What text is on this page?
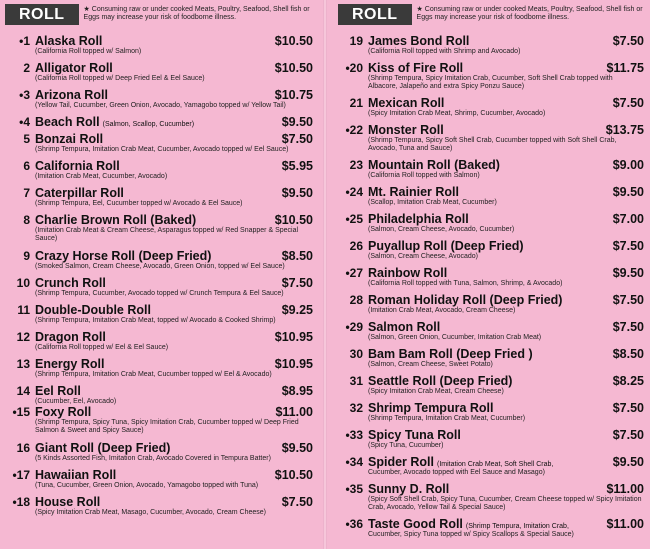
ROLL	★ Consuming raw or under cooked Meats, Poultry, Seafood, Shell fish or Eggs may increase your risk of foodborne illness.
•1 Alaska Roll	$10.50
(California Roll topped w/ Salmon)
2 Alligator Roll	$10.50
(California Roll topped w/ Deep Fried Eel & Eel Sauce)
•3 Arizona Roll	$10.75
(Yellow Tail, Cucumber, Green Onion, Avocado, Yamagobo topped w/ Yellow Tail)
•4 Beach Roll (Salmon, Scallop, Cucumber)	$9.50
5 Bonzai Roll	$7.50
(Shrimp Tempura, Imitation Crab Meat, Cucumber, Avocado topped w/ Eel Sauce)
6 California Roll	$5.95
(Imitation Crab Meat, Cucumber, Avocado)
7 Caterpillar Roll	$9.50
(Shrimp Tempura, Eel, Cucumber topped w/ Avocado & Eel Sauce)
8 Charlie Brown Roll (Baked)	$10.50
(Imitation Crab Meat & Cream Cheese, Asparagus topped w/ Red Snapper & Special Sauce)
9 Crazy Horse Roll (Deep Fried)	$8.50
(Smoked Salmon, Cream Cheese, Avocado, Green Onion, topped w/ Eel Sauce)
10 Crunch Roll	$7.50
(Shrimp Tempura, Cucumber, Avocado topped w/ Crunch Tempura & Eel Sauce)
11 Double-Double Roll	$9.25
(Shrimp Tempura, Imitation Crab Meat, topped w/ Avocado & Cooked Shrimp)
12 Dragon Roll	$10.95
(California Roll topped w/ Eel & Eel Sauce)
13 Energy Roll	$10.95
(Shrimp Tempura, Imitation Crab Meat, Cucumber topped w/ Eel & Avocado)
14 Eel Roll	$8.95
(Cucumber, Eel, Avocado)
•15 Foxy Roll	$11.00
(Shrimp Tempura, Spicy Tuna, Spicy Imitation Crab, Cucumber topped w/ Deep Fried Salmon & Sweet and Spicy Sauce)
16 Giant Roll (Deep Fried)	$9.50
(5 Kinds Assorted Fish, Imitation Crab, Avocado Covered in Tempura Batter)
•17 Hawaiian Roll	$10.50
(Tuna, Cucumber, Green Onion, Avocado, Yamagobo topped with Tuna)
•18 House Roll	$7.50
(Spicy Imitation Crab Meat, Masago, Cucumber, Avocado, Cream Cheese)
ROLL	★ Consuming raw or under cooked Meats, Poultry, Seafood, Shell fish or Eggs may increase your risk of foodborne illness.
19 James Bond Roll	$7.50
(California Roll topped with Shrimp and Avocado)
•20 Kiss of Fire Roll	$11.75
(Shrimp Tempura, Spicy Imitation Crab, Cucumber, Soft Shell Crab topped with Albacore, Jalapeño and extra Spicy Ponzu Sauce)
21 Mexican Roll	$7.50
(Spicy Imitation Crab Meat, Shrimp, Cucumber, Avocado)
•22 Monster Roll	$13.75
(Shrimp Tempura, Spicy Soft Shell Crab, Cucumber topped with Soft Shell Crab, Avocado, Tuna and Sauce)
23 Mountain Roll (Baked)	$9.00
(California Roll topped with Salmon)
•24 Mt. Rainier Roll	$9.50
(Scallop, Imitation Crab Meat, Cucumber)
•25 Philadelphia Roll	$7.00
(Salmon, Cream Cheese, Avocado, Cucumber)
26 Puyallup Roll (Deep Fried)	$7.50
(Salmon, Cream Cheese, Avocado)
•27 Rainbow Roll	$9.50
(California Roll topped with Tuna, Salmon, Shrimp, & Avocado)
28 Roman Holiday Roll (Deep Fried)	$7.50
(Imitation Crab Meat, Avocado, Cream Cheese)
•29 Salmon Roll	$7.50
(Salmon, Green Onion, Cucumber, Imitation Crab Meat)
30 Bam Bam Roll (Deep Fried )	$8.50
(Salmon, Cream Cheese, Sweet Potato)
31 Seattle Roll (Deep Fried)	$8.25
(Spicy Imitation Crab Meat, Cream Cheese)
32 Shrimp Tempura Roll	$7.50
(Shrimp Tempura, Imitation Crab Meat, Cucumber)
•33 Spicy Tuna Roll	$7.50
(Spicy Tuna, Cucumber)
•34 Spider Roll (Imitation Crab Meat, Soft Shell Crab,	$9.50
Cucumber, Avocado topped with Eel Sauce and Masago)
•35 Sunny D. Roll	$11.00
(Spicy Soft Shell Crab, Spicy Tuna, Cucumber, Cream Cheese topped w/ Spicy Imitation Crab, Avocado, Yellow Tail & Special Sauce)
•36 Taste Good Roll (Shrimp Tempura, Imitation Crab,	$11.00
Cucumber, Spicy Tuna topped w/ Spicy Scallops & Special Sauce)
